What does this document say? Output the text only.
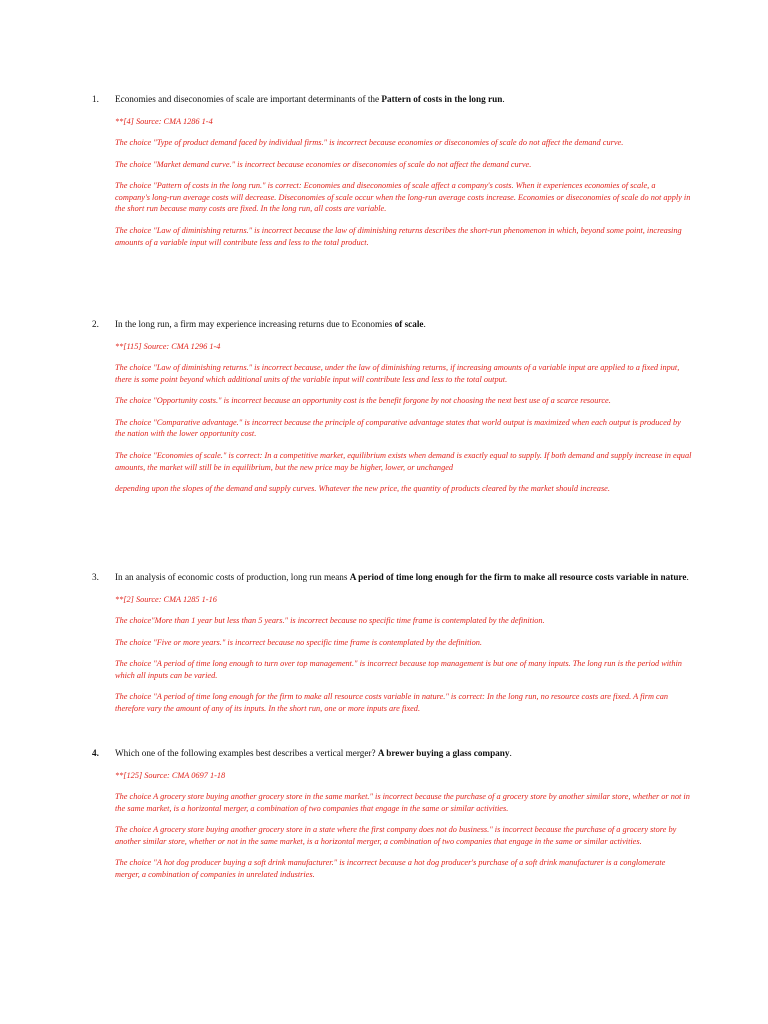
1.	Economies and diseconomies of scale are important determinants of the Pattern of costs in the long run.
**[4] Source: CMA 1286 1-4
The choice "Type of product demand faced by individual firms." is incorrect because economies or diseconomies of scale do not affect the demand curve.
The choice "Market demand curve." is incorrect because economies or diseconomies of scale do not affect the demand curve.
The choice "Pattern of costs in the long run." is correct: Economies and diseconomies of scale affect a company's costs. When it experiences economies of scale, a company's long-run average costs will decrease. Diseconomies of scale occur when the long-run average costs increase. Economies or diseconomies of scale do not apply in the short run because many costs are fixed. In the long run, all costs are variable.
The choice "Law of diminishing returns." is incorrect because the law of diminishing returns describes the short-run phenomenon in which, beyond some point, increasing amounts of a variable input will contribute less and less to the total product.
2.	In the long run, a firm may experience increasing returns due to Economies of scale.
**[115] Source: CMA 1296 1-4
The choice "Law of diminishing returns." is incorrect because, under the law of diminishing returns, if increasing amounts of a variable input are applied to a fixed input, there is some point beyond which additional units of the variable input will contribute less and less to the total output.
The choice "Opportunity costs." is incorrect because an opportunity cost is the benefit forgone by not choosing the next best use of a scarce resource.
The choice "Comparative advantage." is incorrect because the principle of comparative advantage states that world output is maximized when each output is produced by the nation with the lower opportunity cost.
The choice "Economies of scale." is correct: In a competitive market, equilibrium exists when demand is exactly equal to supply. If both demand and supply increase in equal amounts, the market will still be in equilibrium, but the new price may be higher, lower, or unchanged
depending upon the slopes of the demand and supply curves. Whatever the new price, the quantity of products cleared by the market should increase.
3.	In an analysis of economic costs of production, long run means A period of time long enough for the firm to make all resource costs variable in nature.
**[2] Source: CMA 1285 1-16
The choice"More than 1 year but less than 5 years." is incorrect because no specific time frame is contemplated by the definition.
The choice "Five or more years." is incorrect because no specific time frame is contemplated by the definition.
The choice "A period of time long enough to turn over top management." is incorrect because top management is but one of many inputs. The long run is the period within which all inputs can be varied.
The choice "A period of time long enough for the firm to make all resource costs variable in nature." is correct: In the long run, no resource costs are fixed. A firm can therefore vary the amount of any of its inputs. In the short run, one or more inputs are fixed.
4.	Which one of the following examples best describes a vertical merger? A brewer buying a glass company.
**[125] Source: CMA 0697 1-18
The choice A grocery store buying another grocery store in the same market." is incorrect because the purchase of a grocery store by another similar store, whether or not in the same market, is a horizontal merger, a combination of two companies that engage in the same or similar activities.
The choice A grocery store buying another grocery store in a state where the first company does not do business." is incorrect because the purchase of a grocery store by another similar store, whether or not in the same market, is a horizontal merger, a combination of two companies that engage in the same or similar activities.
The choice "A hot dog producer buying a soft drink manufacturer." is incorrect because a hot dog producer's purchase of a soft drink manufacturer is a conglomerate merger, a combination of companies in unrelated industries.
